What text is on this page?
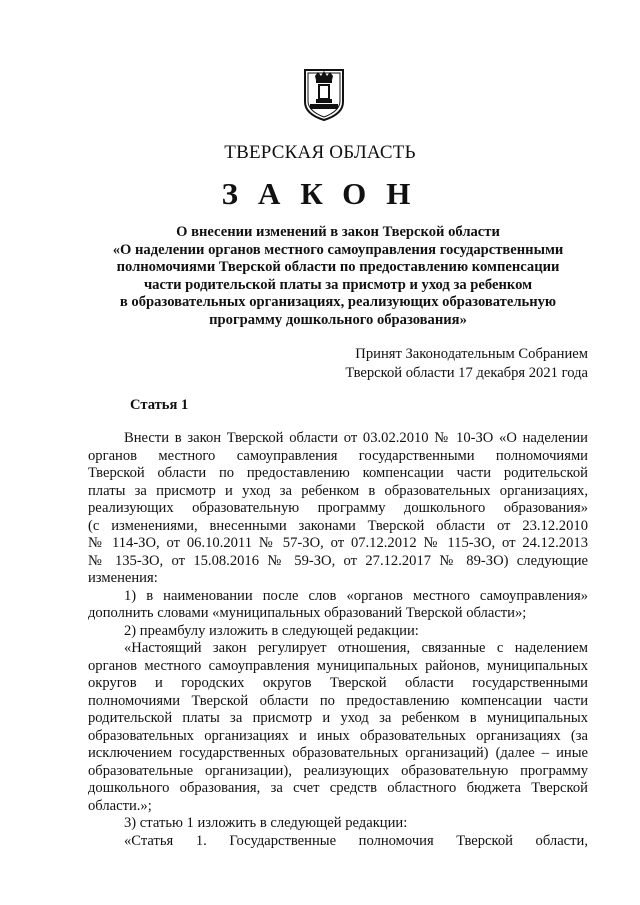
ТВЕРСКАЯ ОБЛАСТЬ
ЗАКОН
О внесении изменений в закон Тверской области
«О наделении органов местного самоуправления государственными
полномочиями Тверской области по предоставлению компенсации
части родительской платы за присмотр и уход за ребенком
в образовательных организациях, реализующих образовательную
программу дошкольного образования»
Принят Законодательным Собранием
Тверской области 17 декабря 2021 года
Статья 1
Внести в закон Тверской области от 03.02.2010 № 10-ЗО «О наделении
органов местного самоуправления государственными полномочиями
Тверской области по предоставлению компенсации части родительской
платы за присмотр и уход за ребенком в образовательных организациях,
реализующих образовательную программу дошкольного образования»
(с изменениями, внесенными законами Тверской области от 23.12.2010
№ 114-ЗО, от 06.10.2011 № 57-ЗО, от 07.12.2012 № 115-ЗО, от 24.12.2013
№ 135-ЗО, от 15.08.2016 № 59-ЗО, от 27.12.2017 № 89-ЗО) следующие
изменения:
1) в наименовании после слов «органов местного самоуправления»
дополнить словами «муниципальных образований Тверской области»;
2) преамбулу изложить в следующей редакции:
«Настоящий закон регулирует отношения, связанные с наделением
органов местного самоуправления муниципальных районов, муниципальных
округов и городских округов Тверской области государственными
полномочиями Тверской области по предоставлению компенсации части
родительской платы за присмотр и уход за ребенком в муниципальных
образовательных организациях и иных образовательных организациях (за
исключением государственных образовательных организаций) (далее – иные
образовательные организации), реализующих образовательную программу
дошкольного образования, за счет средств областного бюджета Тверской
области.»;
3) статью 1 изложить в следующей редакции:
«Статья 1. Государственные полномочия Тверской области,
